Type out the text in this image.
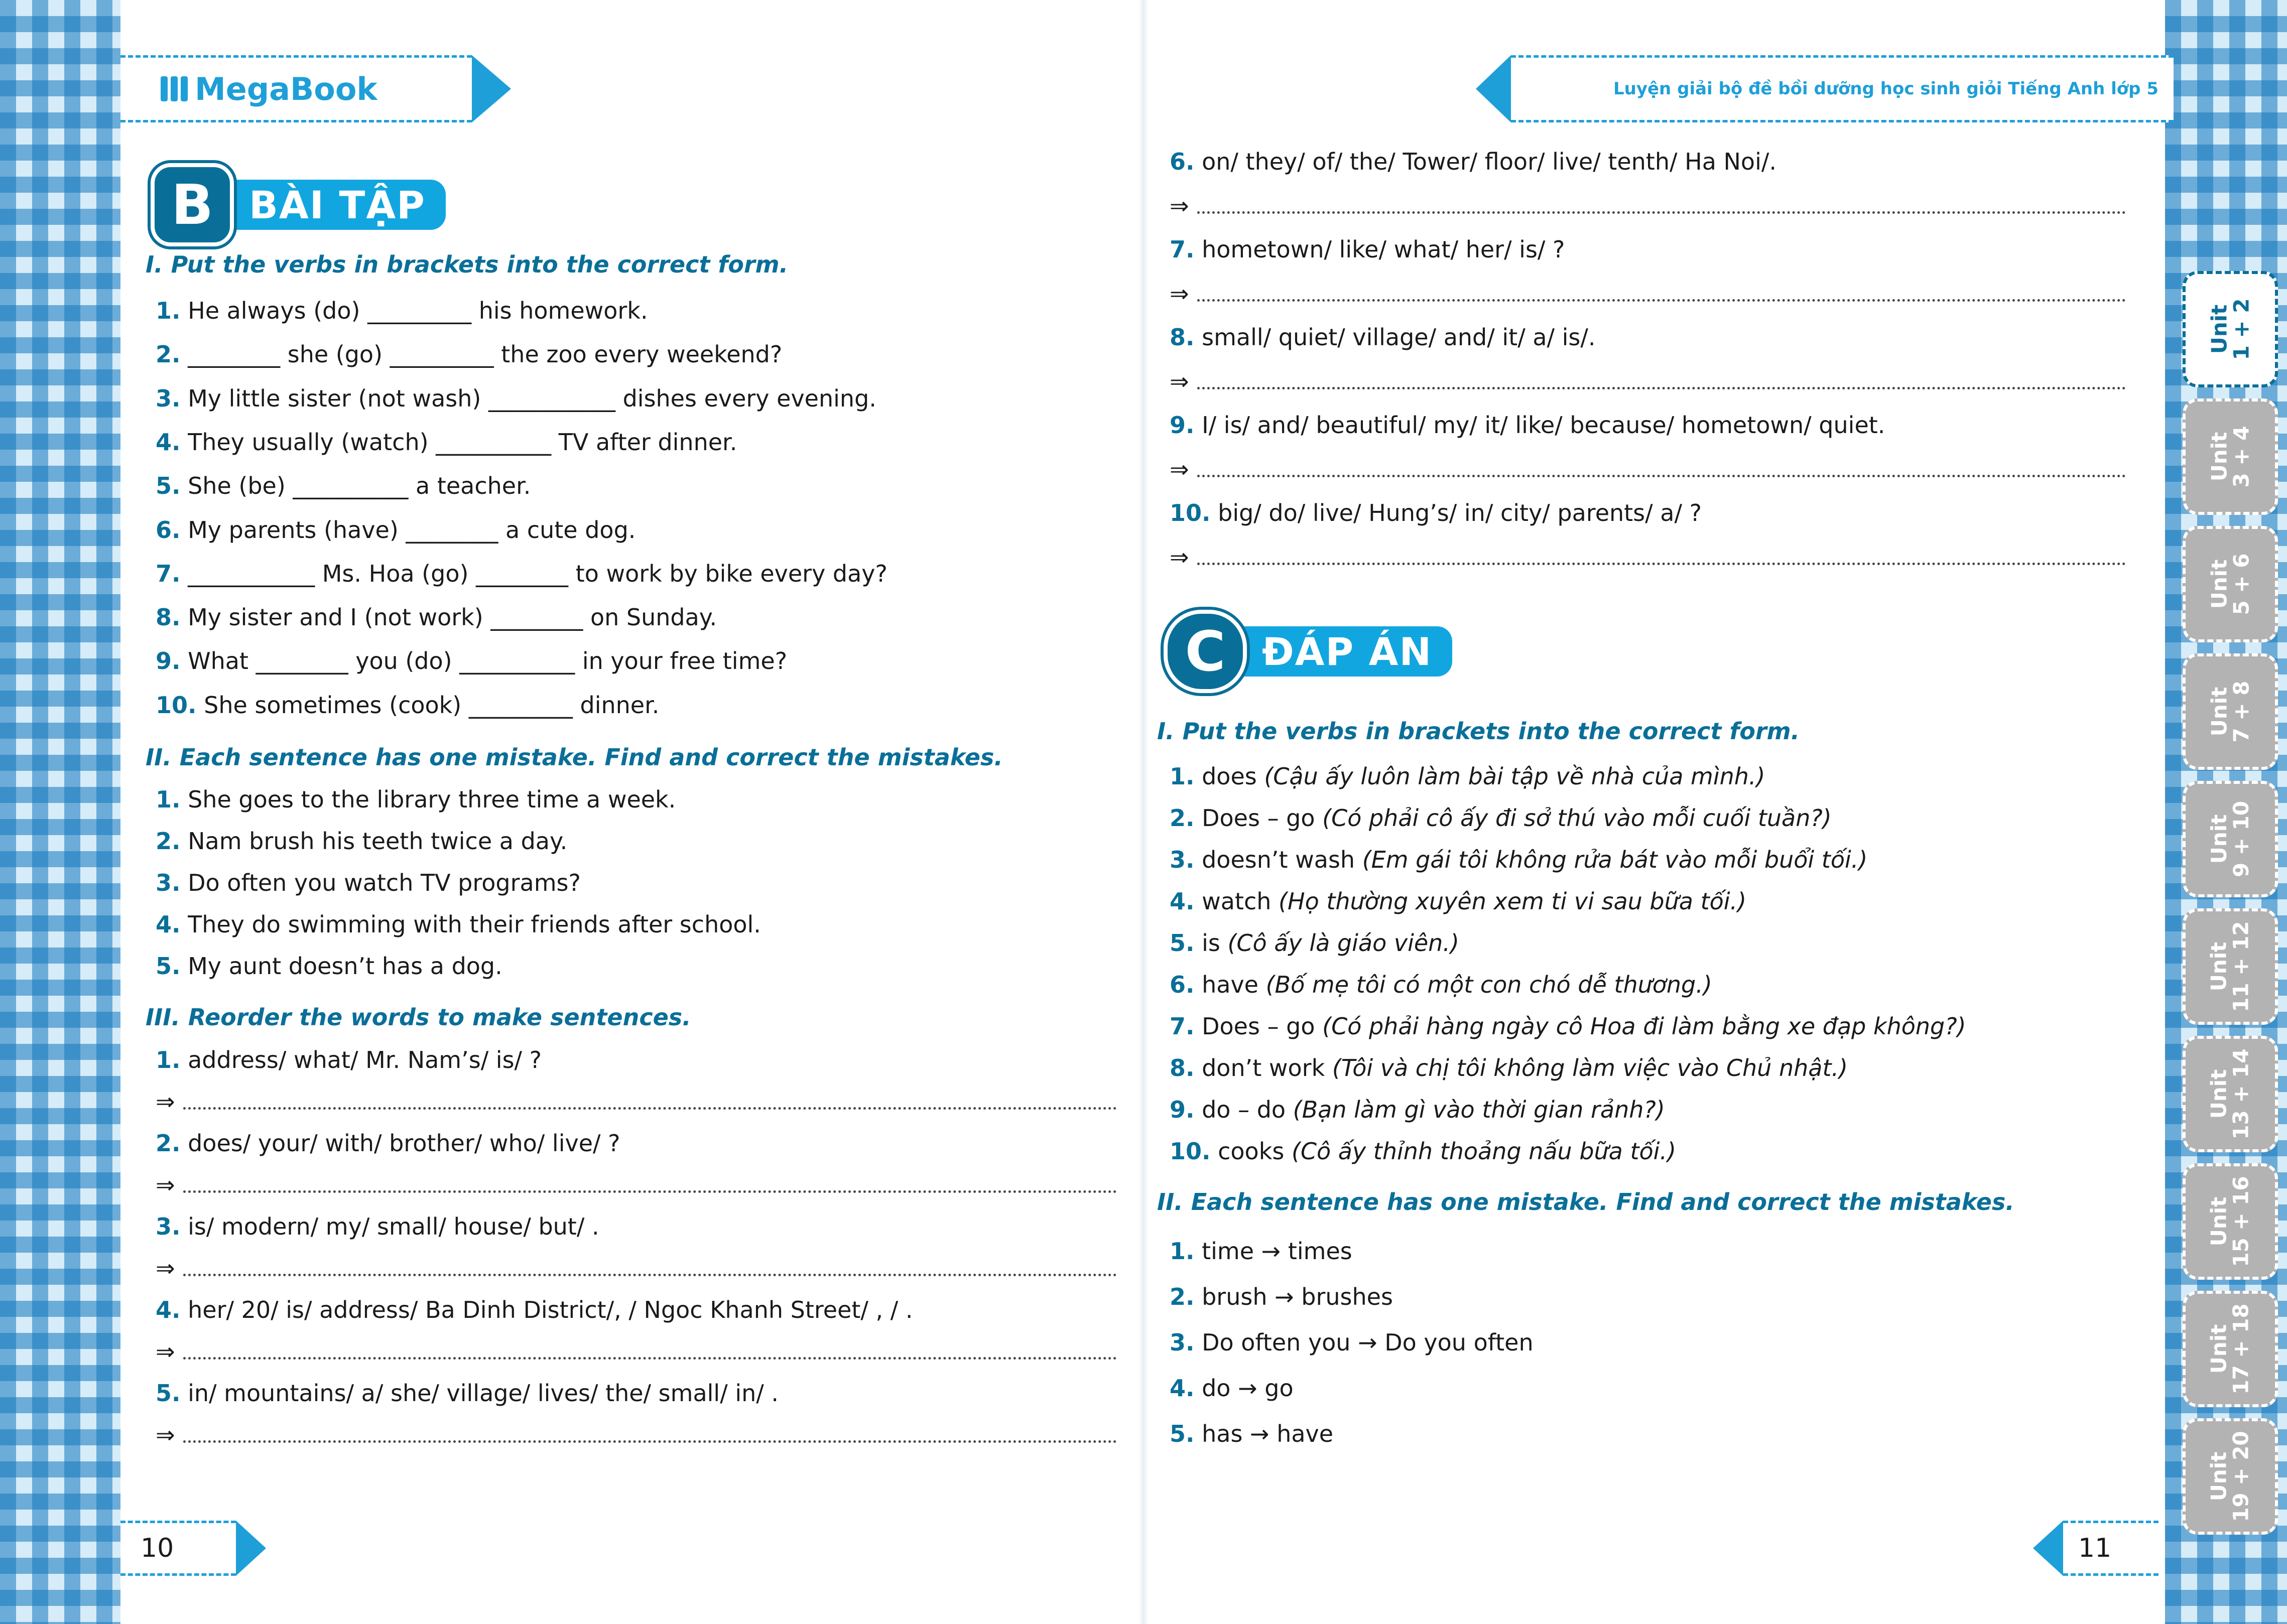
MegaBook	Luyện giải bộ đề bồi dưỡng học sinh giỏi Tiếng Anh lớp 5
B BÀI TẬP
I. Put the verbs in brackets into the correct form.
1. He always (do) _________ his homework.
2. ________ she (go) _________ the zoo every weekend?
3. My little sister (not wash) ___________ dishes every evening.
4. They usually (watch) __________ TV after dinner.
5. She (be) __________ a teacher.
6. My parents (have) ________ a cute dog.
7. ___________ Ms. Hoa (go) ________ to work by bike every day?
8. My sister and I (not work) ________ on Sunday.
9. What ________ you (do) __________ in your free time?
10. She sometimes (cook) _________ dinner.
II. Each sentence has one mistake. Find and correct the mistakes.
1. She goes to the library three time a week.
2. Nam brush his teeth twice a day.
3. Do often you watch TV programs?
4. They do swimming with their friends after school.
5. My aunt doesn’t has a dog.
III. Reorder the words to make sentences.
1. address/ what/ Mr. Nam’s/ is/ ?
⇒
2. does/ your/ with/ brother/ who/ live/ ?
⇒
3. is/ modern/ my/ small/ house/ but/ .
⇒
4. her/ 20/ is/ address/ Ba Dinh District/, / Ngoc Khanh Street/ , / .
⇒
5. in/ mountains/ a/ she/ village/ lives/ the/ small/ in/ .
⇒
C ĐÁP ÁN
6. on/ they/ of/ the/ Tower/ floor/ live/ tenth/ Ha Noi/.
⇒
7. hometown/ like/ what/ her/ is/ ?
⇒
8. small/ quiet/ village/ and/ it/ a/ is/.
⇒
9. I/ is/ and/ beautiful/ my/ it/ like/ because/ hometown/ quiet.
⇒
10. big/ do/ live/ Hung’s/ in/ city/ parents/ a/ ?
⇒
I. Put the verbs in brackets into the correct form.
1. does (Cậu ấy luôn làm bài tập về nhà của mình.)
2. Does – go (Có phải cô ấy đi sở thú vào mỗi cuối tuần?)
3. doesn’t wash (Em gái tôi không rửa bát vào mỗi buổi tối.)
4. watch (Họ thường xuyên xem ti vi sau bữa tối.)
5. is (Cô ấy là giáo viên.)
6. have (Bố mẹ tôi có một con chó dễ thương.)
7. Does – go (Có phải hàng ngày cô Hoa đi làm bằng xe đạp không?)
8. don’t work (Tôi và chị tôi không làm việc vào Chủ nhật.)
9. do – do (Bạn làm gì vào thời gian rảnh?)
10. cooks (Cô ấy thỉnh thoảng nấu bữa tối.)
II. Each sentence has one mistake. Find and correct the mistakes.
1. time → times
2. brush → brushes
3. Do often you → Do you often
4. do → go
5. has → have
Unit
1 + 2
Unit
3 + 4
Unit
5 + 6
Unit
7 + 8
Unit
9 + 10
Unit
11 + 12
Unit
13 + 14
Unit
15 + 16
Unit
17 + 18
Unit
19 + 20
10	11
